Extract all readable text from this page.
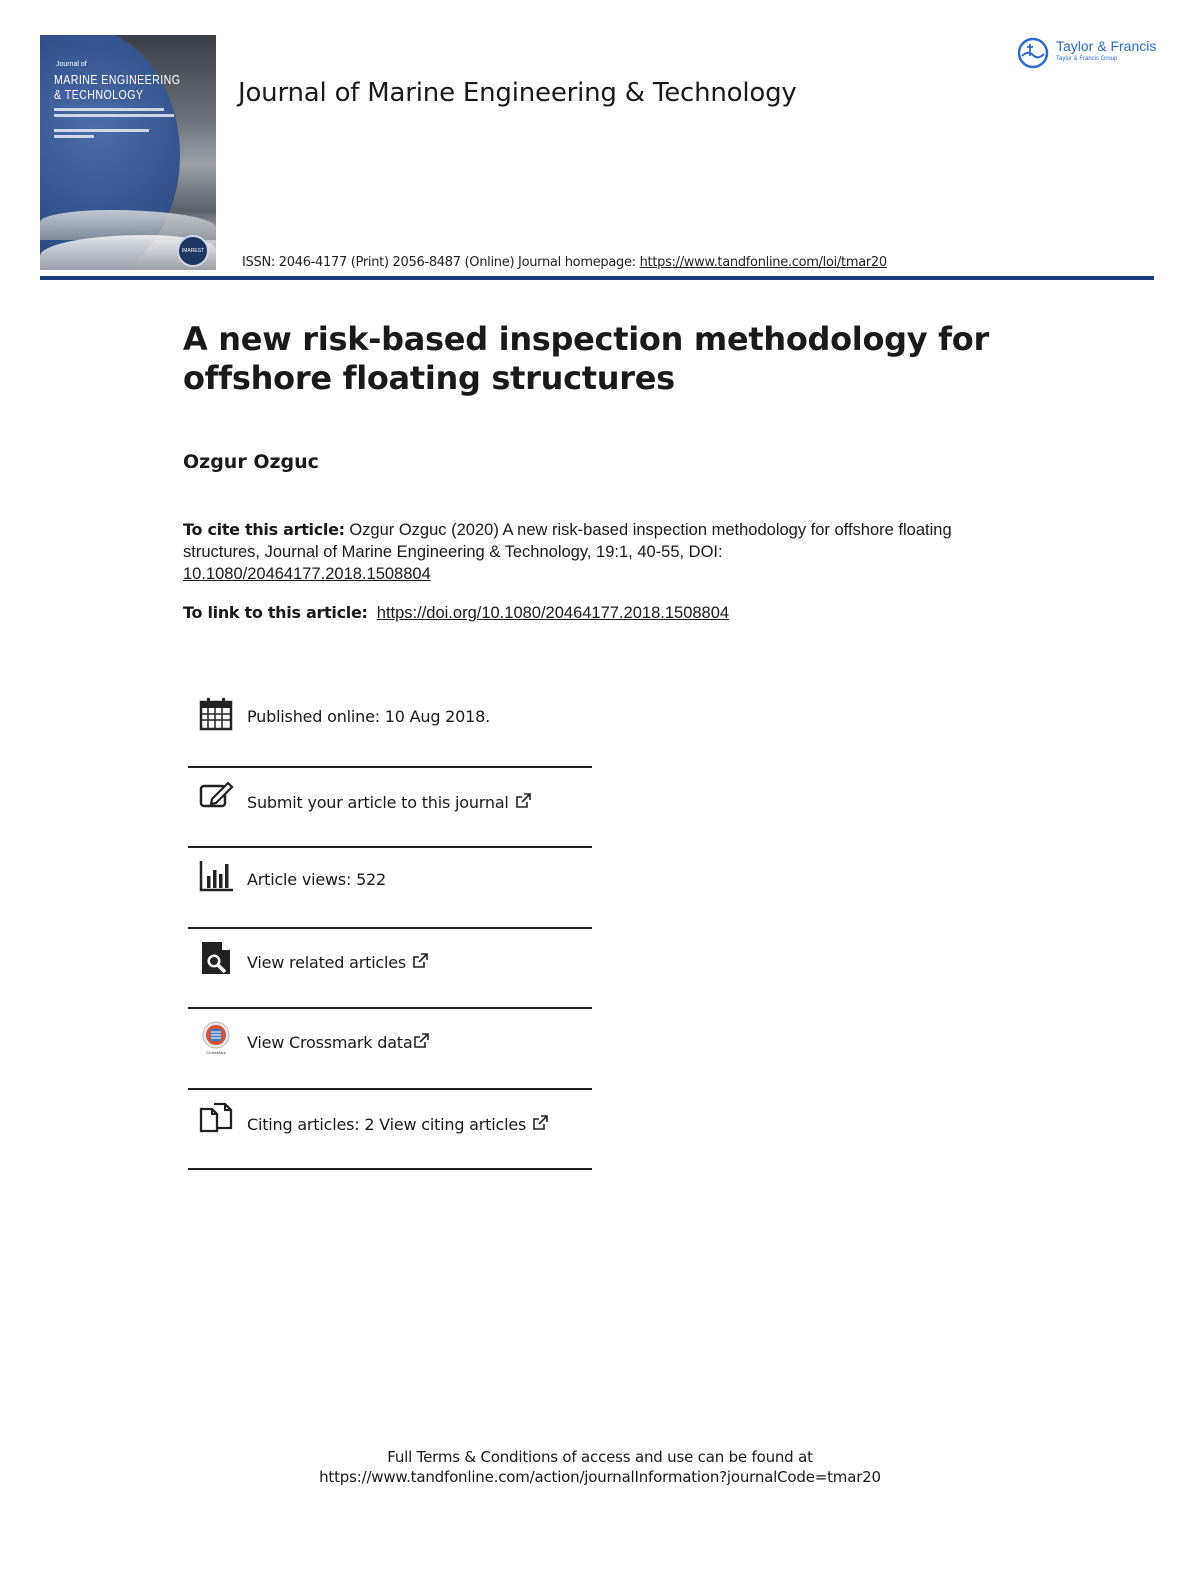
Journal of
MARINE ENGINEERING
& TECHNOLOGY
IMAREST
Journal of Marine Engineering & Technology
Taylor & Francis
Taylor & Francis Group
ISSN: 2046-4177 (Print) 2056-8487 (Online) Journal homepage: https://www.tandfonline.com/loi/tmar20
A new risk-based inspection methodology for offshore floating structures
Ozgur Ozguc
To cite this article: Ozgur Ozguc (2020) A new risk-based inspection methodology for offshore floating structures, Journal of Marine Engineering & Technology, 19:1, 40-55, DOI:
10.1080/20464177.2018.1508804
To link to this article: https://doi.org/10.1080/20464177.2018.1508804
Published online: 10 Aug 2018.
Submit your article to this journal
Article views: 522
View related articles
CrossMark
View Crossmark data
Citing articles: 2 View citing articles
Full Terms & Conditions of access and use can be found at
https://www.tandfonline.com/action/journalInformation?journalCode=tmar20
